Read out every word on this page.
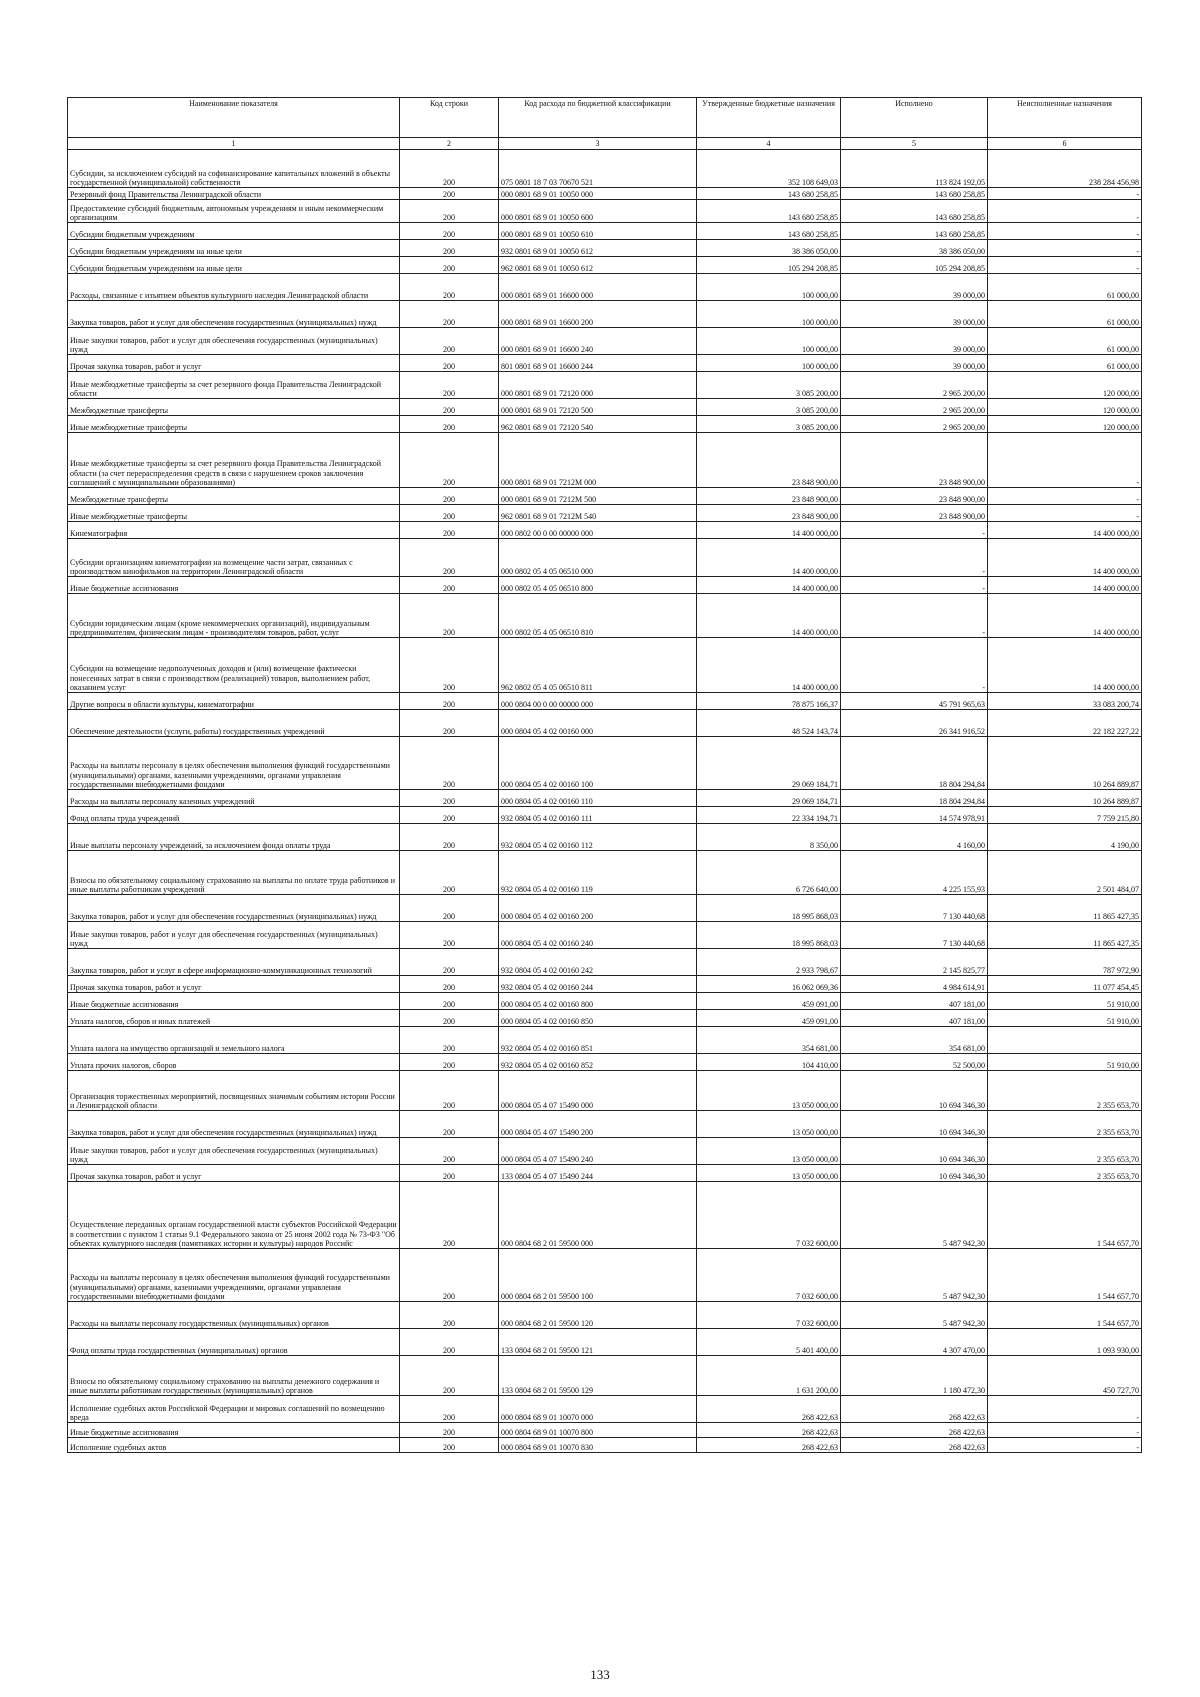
Наименование показателя	Код строки	Код расхода по бюджетной классификации	Утвержденные бюджетные назначения	Исполнено	Неисполненные назначения
1	2	3	4	5	6
Субсидии, за исключением субсидий на софинансирование капитальных вложений в объекты государственной (муниципальной) собственности	200	075 0801 18 7 03 70670 521	352 108 649,03	113 824 192,05	238 284 456,98
Резервный фонд Правительства Ленинградской области	200	000 0801 68 9 01 10050 000	143 680 258,85	143 680 258,85	-
Предоставление субсидий бюджетным, автономным учреждениям и иным некоммерческим организациям	200	000 0801 68 9 01 10050 600	143 680 258,85	143 680 258,85	-
Субсидии бюджетным учреждениям	200	000 0801 68 9 01 10050 610	143 680 258,85	143 680 258,85	-
Субсидии бюджетным учреждениям на иные цели	200	932 0801 68 9 01 10050 612	38 386 050,00	38 386 050,00	-
Субсидии бюджетным учреждениям на иные цели	200	962 0801 68 9 01 10050 612	105 294 208,85	105 294 208,85	-
Расходы, связанные с изъятием объектов культурного наследия Ленинградской области	200	000 0801 68 9 01 16600 000	100 000,00	39 000,00	61 000,00
Закупка товаров, работ и услуг для обеспечения государственных (муниципальных) нужд	200	000 0801 68 9 01 16600 200	100 000,00	39 000,00	61 000,00
Иные закупки товаров, работ и услуг для обеспечения государственных (муниципальных) нужд	200	000 0801 68 9 01 16600 240	100 000,00	39 000,00	61 000,00
Прочая закупка товаров, работ и услуг	200	801 0801 68 9 01 16600 244	100 000,00	39 000,00	61 000,00
Иные межбюджетные трансферты за счет резервного фонда Правительства Ленинградской области	200	000 0801 68 9 01 72120 000	3 085 200,00	2 965 200,00	120 000,00
Межбюджетные трансферты	200	000 0801 68 9 01 72120 500	3 085 200,00	2 965 200,00	120 000,00
Иные межбюджетные трансферты	200	962 0801 68 9 01 72120 540	3 085 200,00	2 965 200,00	120 000,00
Иные межбюджетные трансферты за счет резервного фонда Правительства Ленинградской области (за счет перераспределения средств в связи с нарушением сроков заключения соглашений с муниципальными образованиями)	200	000 0801 68 9 01 7212М 000	23 848 900,00	23 848 900,00	-
Межбюджетные трансферты	200	000 0801 68 9 01 7212М 500	23 848 900,00	23 848 900,00	-
Иные межбюджетные трансферты	200	962 0801 68 9 01 7212М 540	23 848 900,00	23 848 900,00	-
Кинематография	200	000 0802 00 0 00 00000 000	14 400 000,00	-	14 400 000,00
Субсидии организациям кинематографии на возмещение части затрат, связанных с производством кинофильмов на территории Ленинградской области	200	000 0802 05 4 05 06510 000	14 400 000,00	-	14 400 000,00
Иные бюджетные ассигнования	200	000 0802 05 4 05 06510 800	14 400 000,00	-	14 400 000,00
Субсидии юридическим лицам (кроме некоммерческих организаций), индивидуальным предпринимателям, физическим лицам - производителям товаров, работ, услуг	200	000 0802 05 4 05 06510 810	14 400 000,00	-	14 400 000,00
Субсидии на возмещение недополученных доходов и (или) возмещение фактически понесенных затрат в связи с производством (реализацией) товаров, выполнением работ, оказанием услуг	200	962 0802 05 4 05 06510 811	14 400 000,00	-	14 400 000,00
Другие вопросы в области культуры, кинематографии	200	000 0804 00 0 00 00000 000	78 875 166,37	45 791 965,63	33 083 200,74
Обеспечение деятельности (услуги, работы) государственных учреждений	200	000 0804 05 4 02 00160 000	48 524 143,74	26 341 916,52	22 182 227,22
Расходы на выплаты персоналу в целях обеспечения выполнения функций государственными (муниципальными) органами, казенными учреждениями, органами управления государственными внебюджетными фондами	200	000 0804 05 4 02 00160 100	29 069 184,71	18 804 294,84	10 264 889,87
Расходы на выплаты персоналу казенных учреждений	200	000 0804 05 4 02 00160 110	29 069 184,71	18 804 294,84	10 264 889,87
Фонд оплаты труда учреждений	200	932 0804 05 4 02 00160 111	22 334 194,71	14 574 978,91	7 759 215,80
Иные выплаты персоналу учреждений, за исключением фонда оплаты труда	200	932 0804 05 4 02 00160 112	8 350,00	4 160,00	4 190,00
Взносы по обязательному социальному страхованию на выплаты по оплате труда работников и иные выплаты работникам учреждений	200	932 0804 05 4 02 00160 119	6 726 640,00	4 225 155,93	2 501 484,07
Закупка товаров, работ и услуг для обеспечения государственных (муниципальных) нужд	200	000 0804 05 4 02 00160 200	18 995 868,03	7 130 440,68	11 865 427,35
Иные закупки товаров, работ и услуг для обеспечения государственных (муниципальных) нужд	200	000 0804 05 4 02 00160 240	18 995 868,03	7 130 440,68	11 865 427,35
Закупка товаров, работ и услуг в сфере информационно-коммуникационных технологий	200	932 0804 05 4 02 00160 242	2 933 798,67	2 145 825,77	787 972,90
Прочая закупка товаров, работ и услуг	200	932 0804 05 4 02 00160 244	16 062 069,36	4 984 614,91	11 077 454,45
Иные бюджетные ассигнования	200	000 0804 05 4 02 00160 800	459 091,00	407 181,00	51 910,00
Уплата налогов, сборов и иных платежей	200	000 0804 05 4 02 00160 850	459 091,00	407 181,00	51 910,00
Уплата налога на имущество организаций и земельного налога	200	932 0804 05 4 02 00160 851	354 681,00	354 681,00	
Уплата прочих налогов, сборов	200	932 0804 05 4 02 00160 852	104 410,00	52 500,00	51 910,00
Организация торжественных мероприятий, посвященных значимым событиям истории России и Ленинградской области	200	000 0804 05 4 07 15490 000	13 050 000,00	10 694 346,30	2 355 653,70
Закупка товаров, работ и услуг для обеспечения государственных (муниципальных) нужд	200	000 0804 05 4 07 15490 200	13 050 000,00	10 694 346,30	2 355 653,70
Иные закупки товаров, работ и услуг для обеспечения государственных (муниципальных) нужд	200	000 0804 05 4 07 15490 240	13 050 000,00	10 694 346,30	2 355 653,70
Прочая закупка товаров, работ и услуг	200	133 0804 05 4 07 15490 244	13 050 000,00	10 694 346,30	2 355 653,70
Осуществление переданных органам государственной власти субъектов Российской Федерации в соответствии с пунктом 1 статьи 9.1 Федерального закона от 25 июня 2002 года № 73-ФЗ "Об объектах культурного наследия (памятниках истории и культуры) народов Российс	200	000 0804 68 2 01 59500 000	7 032 600,00	5 487 942,30	1 544 657,70
Расходы на выплаты персоналу в целях обеспечения выполнения функций государственными (муниципальными) органами, казенными учреждениями, органами управления государственными внебюджетными фондами	200	000 0804 68 2 01 59500 100	7 032 600,00	5 487 942,30	1 544 657,70
Расходы на выплаты персоналу государственных (муниципальных) органов	200	000 0804 68 2 01 59500 120	7 032 600,00	5 487 942,30	1 544 657,70
Фонд оплаты труда государственных (муниципальных) органов	200	133 0804 68 2 01 59500 121	5 401 400,00	4 307 470,00	1 093 930,00
Взносы по обязательному социальному страхованию на выплаты денежного содержания и иные выплаты работникам государственных (муниципальных) органов	200	133 0804 68 2 01 59500 129	1 631 200,00	1 180 472,30	450 727,70
Исполнение судебных актов Российской Федерации и мировых соглашений по возмещению вреда	200	000 0804 68 9 01 10070 000	268 422,63	268 422,63	-
Иные бюджетные ассигнования	200	000 0804 68 9 01 10070 800	268 422,63	268 422,63	-
Исполнение судебных актов	200	000 0804 68 9 01 10070 830	268 422,63	268 422,63	-
133
